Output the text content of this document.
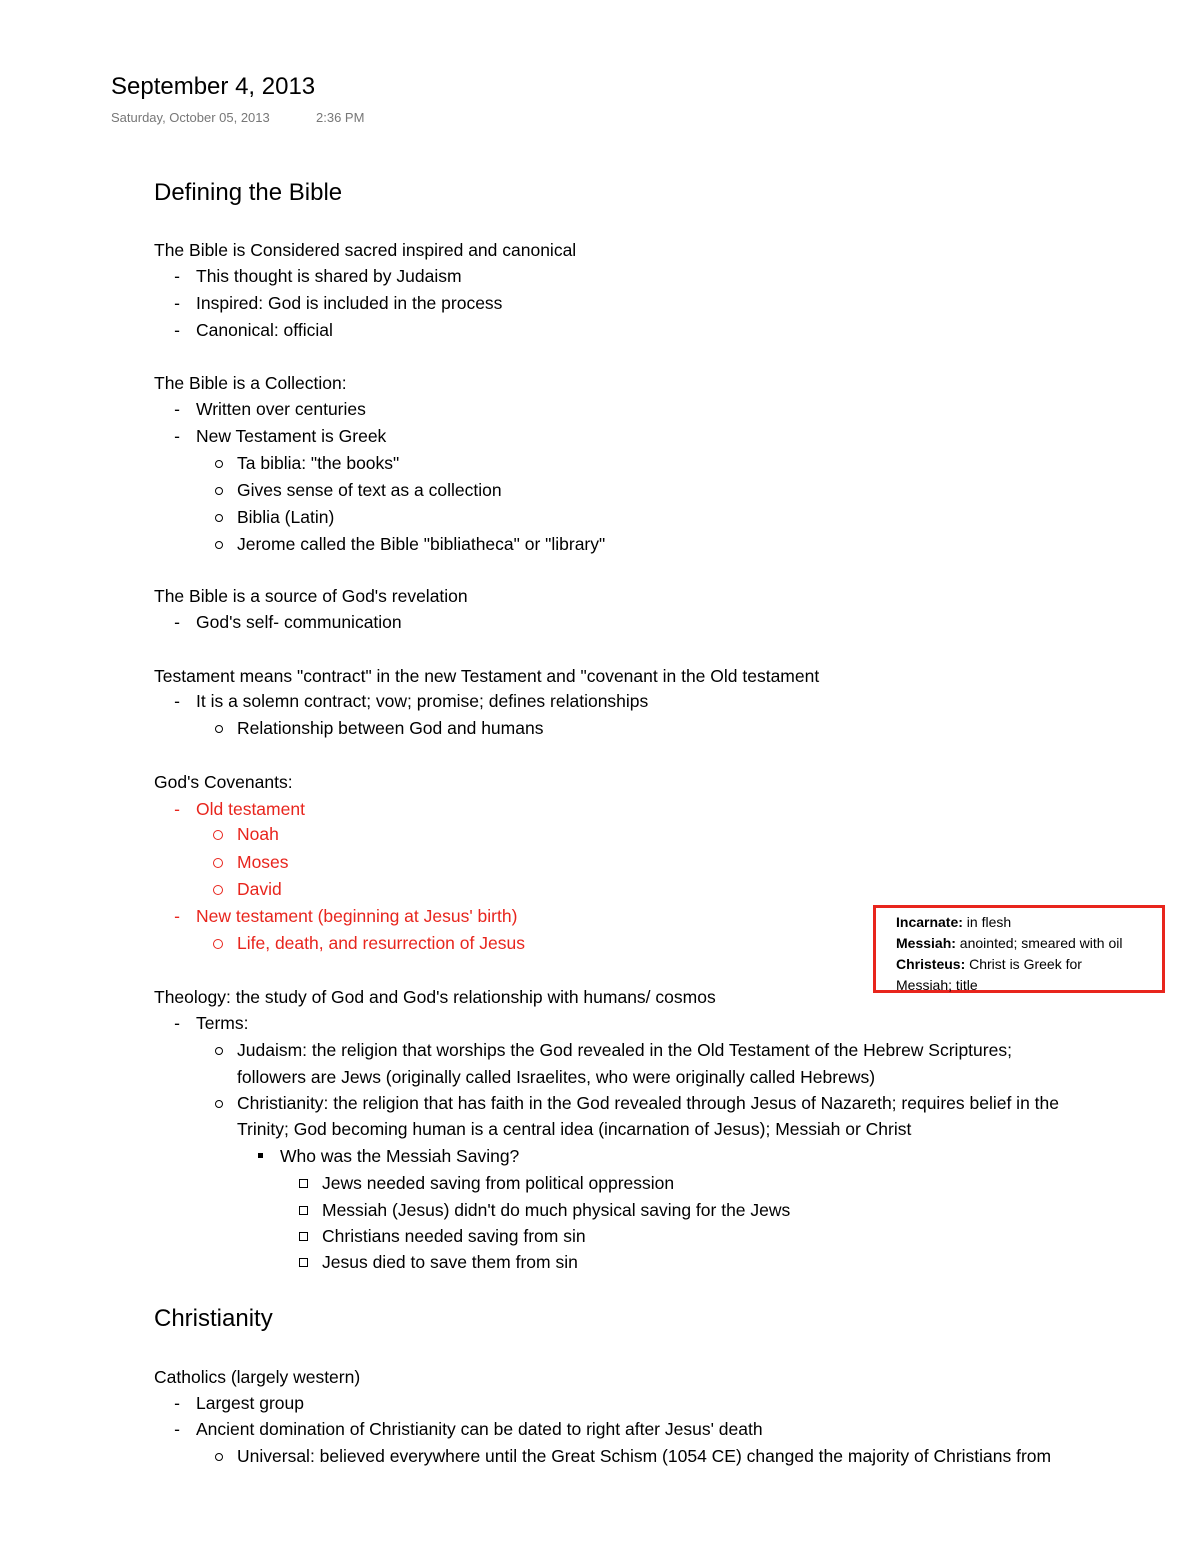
September 4, 2013
Saturday, October 05, 2013	2:36 PM
Defining the Bible
The Bible is Considered sacred inspired and canonical
- This thought is shared by Judaism
- Inspired: God is included in the process
- Canonical: official
The Bible is a Collection:
- Written over centuries
- New Testament is Greek
Ta biblia: "the books"
Gives sense of text as a collection
Biblia (Latin)
Jerome called the Bible "bibliatheca" or "library"
The Bible is a source of God's revelation
- God's self- communication
Testament means "contract" in the new Testament and "covenant in the Old testament
- It is a solemn contract; vow; promise; defines relationships
Relationship between God and humans
God's Covenants:
- Old testament
Noah
Moses
David
- New testament (beginning at Jesus' birth)
Life, death, and resurrection of Jesus
Incarnate: in flesh
Messiah: anointed; smeared with oil
Christeus: Christ is Greek for
Messiah; title
Theology: the study of God and God's relationship with humans/ cosmos
- Terms:
Judaism: the religion that worships the God revealed in the Old Testament of the Hebrew Scriptures;
followers are Jews (originally called Israelites, who were originally called Hebrews)
Christianity: the religion that has faith in the God revealed through Jesus of Nazareth; requires belief in the
Trinity; God becoming human is a central idea (incarnation of Jesus); Messiah or Christ
Who was the Messiah Saving?
Jews needed saving from political oppression
Messiah (Jesus) didn't do much physical saving for the Jews
Christians needed saving from sin
Jesus died to save them from sin
Christianity
Catholics (largely western)
- Largest group
- Ancient domination of Christianity can be dated to right after Jesus' death
Universal: believed everywhere until the Great Schism (1054 CE) changed the majority of Christians from
